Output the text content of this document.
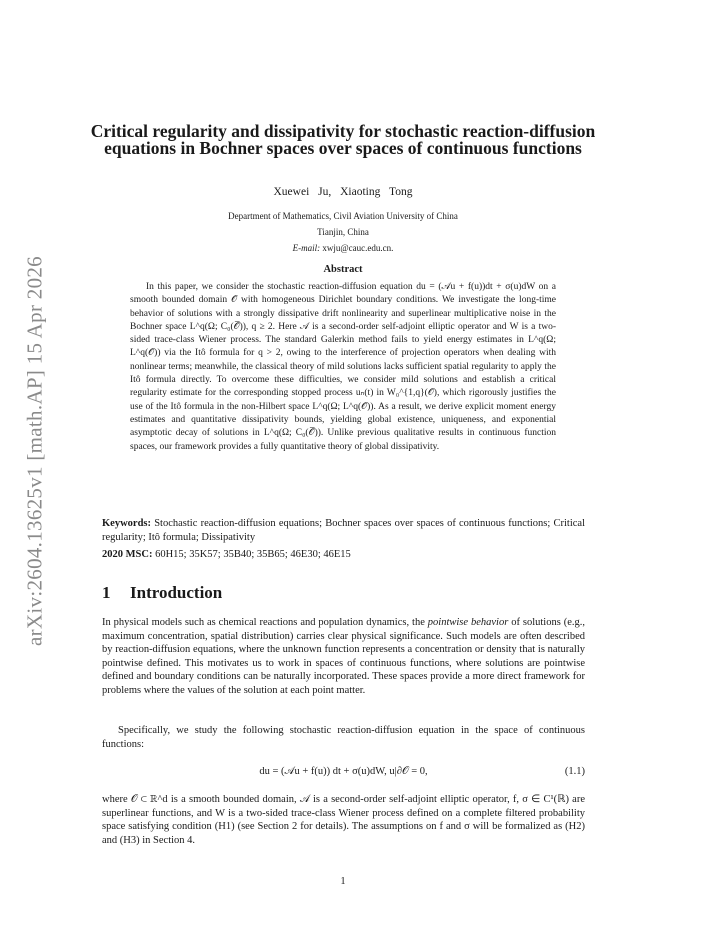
arXiv:2604.13625v1 [math.AP] 15 Apr 2026
Critical regularity and dissipativity for stochastic reaction-diffusion equations in Bochner spaces over spaces of continuous functions
Xuewei Ju, Xiaoting Tong
Department of Mathematics, Civil Aviation University of China
Tianjin, China
E-mail: xwju@cauc.edu.cn.
Abstract

In this paper, we consider the stochastic reaction-diffusion equation du = (𝒜u + f(u))dt + σ(u)dW on a smooth bounded domain 𝒪 with homogeneous Dirichlet boundary conditions. We investigate the long-time behavior of solutions with a strongly dissipative drift nonlinearity and superlinear multiplicative noise in the Bochner space L^q(Ω; C₀(𝒪̅)), q ≥ 2. Here 𝒜 is a second-order self-adjoint elliptic operator and W is a two-sided trace-class Wiener process. The standard Galerkin method fails to yield energy estimates in L^q(Ω; L^q(𝒪)) via the Itô formula for q > 2, owing to the interference of projection operators when dealing with nonlinear terms; meanwhile, the classical theory of mild solutions lacks sufficient spatial regularity to apply the Itô formula directly. To overcome these difficulties, we consider mild solutions and establish a critical regularity estimate for the corresponding stopped process uₙ(t) in W₀^{1,q}(𝒪), which rigorously justifies the use of the Itô formula in the non-Hilbert space L^q(Ω; L^q(𝒪)). As a result, we derive explicit moment energy estimates and quantitative dissipativity bounds, yielding global existence, uniqueness, and exponential asymptotic decay of solutions in L^q(Ω; C₀(𝒪̅)). Unlike previous qualitative results in continuous function spaces, our framework provides a fully quantitative theory of global dissipativity.

Keywords: Stochastic reaction-diffusion equations; Bochner spaces over spaces of continuous functions; Critical regularity; Itô formula; Dissipativity

2020 MSC: 60H15; 35K57; 35B40; 35B65; 46E30; 46E15

1 Introduction

In physical models such as chemical reactions and population dynamics, the pointwise behavior of solutions (e.g., maximum concentration, spatial distribution) carries clear physical significance. Such models are often described by reaction-diffusion equations, where the unknown function represents a concentration or density that is naturally pointwise defined. This motivates us to work in spaces of continuous functions, where solutions are pointwise defined and boundary conditions can be naturally incorporated. These spaces provide a more direct framework for problems where the values of the solution at each point matter.

Specifically, we study the following stochastic reaction-diffusion equation in the space of continuous functions:

du = (𝒜u + f(u)) dt + σ(u)dW, u|∂𝒪 = 0,	(1.1)

where 𝒪 ⊂ ℝ^d is a smooth bounded domain, 𝒜 is a second-order self-adjoint elliptic operator, f, σ ∈ C¹(ℝ) are superlinear functions, and W is a two-sided trace-class Wiener process defined on a complete filtered probability space satisfying condition (H1) (see Section 2 for details). The assumptions on f and σ will be formalized as (H2) and (H3) in Section 4.

1
